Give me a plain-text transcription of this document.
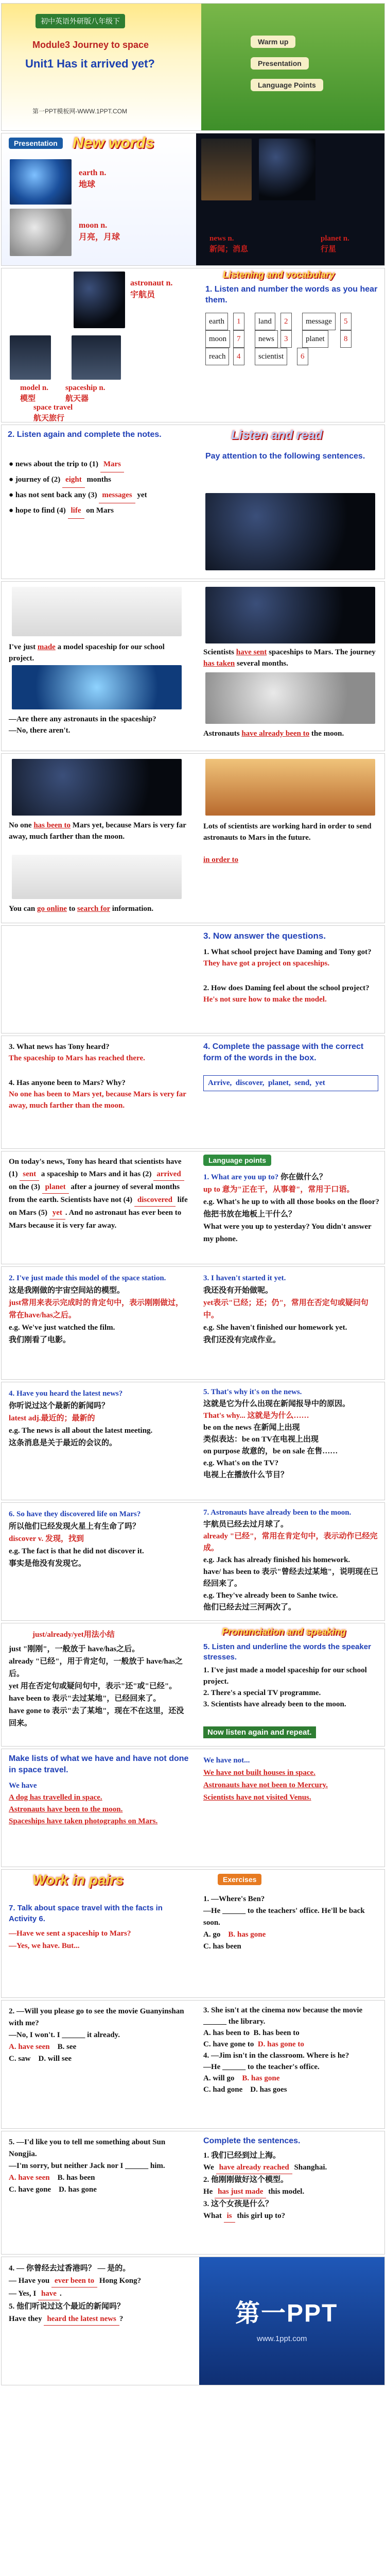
初中英语外研版八年级下
Module3 Journey to space
Unit1 Has it arrived yet?
第一PPT模板网-WWW.1PPT.COM
Warm up
Presentation
Language Points
Presentation New words
earth n.
地球
moon n.
月亮，月球	news n.
新闻；消息
planet n.
行星
astronaut n.
宇航员
model n.
模型
spaceship n.
航天器
space travel
航天旅行
Listening and vocabulary
1. Listen and number the words as you hear them.
earth	1	land	2	message	5
moon	7	news	3	planet	8
reach	4	scientist	6
2. Listen again and complete the notes.
● news about the trip to (1) Mars
● journey of (2) eight months
● has not sent back any (3) messages yet
● hope to find (4) life on Mars
Listen and read
Pay attention to the following sentences.
I've just made a model spaceship for our school project.
—Are there any astronauts in the spaceship?
—No, there aren't.
Scientists have sent spaceships to Mars. The journey has taken several months.
Astronauts have already been to the moon.
No one has been to Mars yet, because Mars is very far away, much farther than the moon.
You can go online to search for information.
Lots of scientists are working hard in order to send astronauts to Mars in the future.
in order to
3. Now answer the questions.
1. What school project have Daming and Tony got?
They have got a project on spaceships.
2. How does Daming feel about the school project?
He's not sure how to make the model.
3. What news has Tony heard?
The spaceship to Mars has reached there.
4. Has anyone been to Mars? Why?
No one has been to Mars yet, because Mars is very far away, much farther than the moon.
4. Complete the passage with the correct form of the words in the box.
Arrive,  discover,  planet,  send,  yet
On today's news, Tony has heard that scientists have (1) sent a spaceship to Mars and it has (2) arrived on the (3) planet after a journey of several months from the earth. Scientists have not (4) discovered life on Mars (5) yet . And no astronaut has ever been to Mars because it is very far away.
Language points
1. What are you up to? 你在做什么？
up to 意为"正在干，从事着"，常用于口语。
e.g. What's he up to with all those books on the floor?
他把书放在地板上干什么？
What were you up to yesterday? You didn't answer my phone.
2. I've just made this model of the space station.
这是我刚做的宇宙空间站的模型。
just常用来表示完成时的肯定句中，表示刚刚做过，常在have/has之后。
e.g. We've just watched the film.
我们刚看了电影。
3. I haven't started it yet.
我还没有开始做呢。
yet表示"已经；还；仍"，常用在否定句或疑问句中。
e.g. She haven't finished our homework yet.
我们还没有完成作业。
4. Have you heard the latest news?
你听说过这个最新的新闻吗？
latest adj.最近的；最新的
e.g. The news is all about the latest meeting.
这条消息是关于最近的会议的。
5. That's why it's on the news.
这就是它为什么出现在新闻报导中的原因。
That's why... 这就是为什么……
be on the news 在新闻上出现
类似表达：be on TV在电视上出现
on purpose 故意的，be on sale 在售……
e.g. What's on the TV?
电视上在播放什么节目？
6. So have they discovered life on Mars?
所以他们已经发现火星上有生命了吗？
discover v. 发现，找到
e.g. The fact is that he did not discover it.
事实是他没有发现它。
7. Astronauts have already been to the moon.
宇航员已经去过月球了。
already "已经"，常用在肯定句中，表示动作已经完成。
e.g. Jack has already finished his homework.
have/ has been to 表示"曾经去过某地"，说明现在已经回来了。
e.g. They've already been to Sanhe twice.
他们已经去过三河两次了。
just/already/yet用法小结
just "刚刚"，一般放于 have/has之后。
already "已经"，用于肯定句，一般放于 have/has之后。
yet 用在否定句或疑问句中，表示"还"或"已经"。
have been to 表示"去过某地"，已经回来了。
have gone to 表示"去了某地"，现在不在这里，还没回来。
Pronunciation and speaking
5. Listen and underline the words the speaker stresses.
1. I've just made a model spaceship for our school project.
2. There's a special TV programme.
3. Scientists have already been to the moon.
Now listen again and repeat.
Make lists of what we have and have not done in space travel.
We have
A dog has travelled in space.
Astronauts have been to the moon.
Spaceships have taken photographs on Mars.
We have not...
We have not built houses in space.
Astronauts have not been to Mercury.
Scientists have not visited Venus.
Work in pairs
7. Talk about space travel with the facts in Activity 6.
—Have we sent a spaceship to Mars?
—Yes, we have. But...
Exercises
1. —Where's Ben?
—He ______ to the teachers' office. He'll be back soon.
A. go B. has gone
C. has been
2. —Will you please go to see the movie Guanyinshan with me?
—No, I won't. I ______ it already.
A. have seen B. see
C. saw D. will see
3. She isn't at the cinema now because the movie ______ the library.
A. has been to B. has been to
C. have gone to D. has gone to
4. —Jim isn't in the classroom. Where is he?
—He ______ to the teacher's office.
A. will go B. has gone
C. had gone D. has goes
5. —I'd like you to tell me something about Sun Nongjia.
—I'm sorry, but neither Jack nor I ______ him.
A. have seen B. has been
C. have gone D. has gone
Complete the sentences.
1. 我们已经到过上海。
We have already reached Shanghai.
2. 他刚刚做好这个模型。
He has just made this model.
3. 这个女孩是什么？
What is this girl up to?
4. — 你曾经去过香港吗？ — 是的。
— Have you ever been to Hong Kong?
— Yes, I have .
5. 他们听说过这个最近的新闻吗？
Have they heard the latest news ?	第一PPT
www.1ppt.com
